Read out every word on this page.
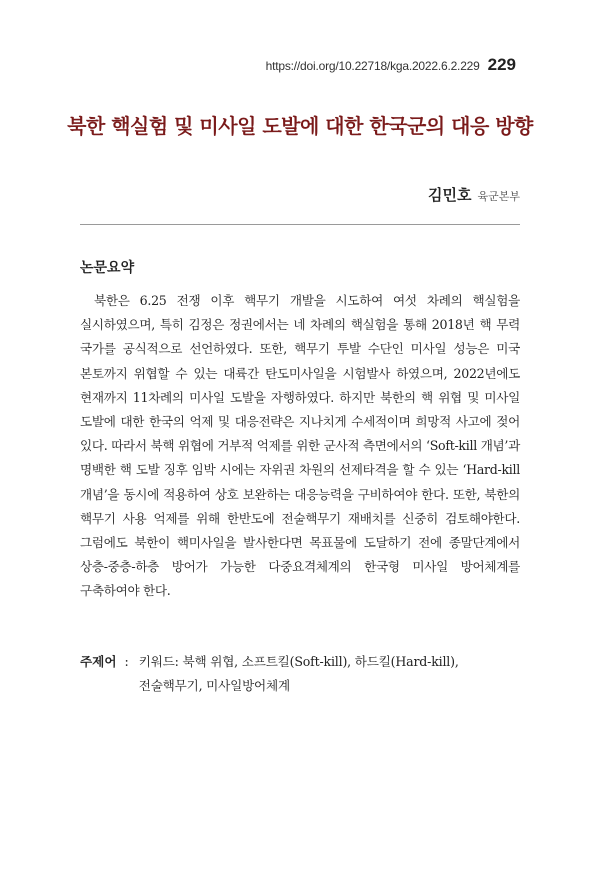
https://doi.org/10.22718/kga.2022.6.2.229 229
북한 핵실험 및 미사일 도발에 대한 한국군의 대응 방향
김민호 육군본부
논문요약

북한은 6.25 전쟁 이후 핵무기 개발을 시도하여 여섯 차례의 핵실험을 실시하였으며, 특히 김정은 정권에서는 네 차례의 핵실험을 통해 2018년 핵 무력 국가를 공식적으로 선언하였다. 또한, 핵무기 투발 수단인 미사일 성능은 미국 본토까지 위협할 수 있는 대륙간 탄도미사일을 시험발사 하였으며, 2022년에도 현재까지 11차례의 미사일 도발을 자행하였다. 하지만 북한의 핵 위협 및 미사일 도발에 대한 한국의 억제 및 대응전략은 지나치게 수세적이며 희망적 사고에 젖어 있다. 따라서 북핵 위협에 거부적 억제를 위한 군사적 측면에서의 ‘Soft-kill 개념’과 명백한 핵 도발 징후 임박 시에는 자위권 차원의 선제타격을 할 수 있는 ‘Hard-kill 개념’을 동시에 적용하여 상호 보완하는 대응능력을 구비하여야 한다. 또한, 북한의 핵무기 사용 억제를 위해 한반도에 전술핵무기 재배치를 신중히 검토해야한다. 그럼에도 북한이 핵미사일을 발사한다면 목표물에 도달하기 전에 종말단계에서 상층-중층-하층 방어가 가능한 다중요격체계의 한국형 미사일 방어체계를 구축하여야 한다.

주제어 : 키워드: 북핵 위협, 소프트킬(Soft-kill), 하드킬(Hard-kill),
전술핵무기, 미사일방어체계
